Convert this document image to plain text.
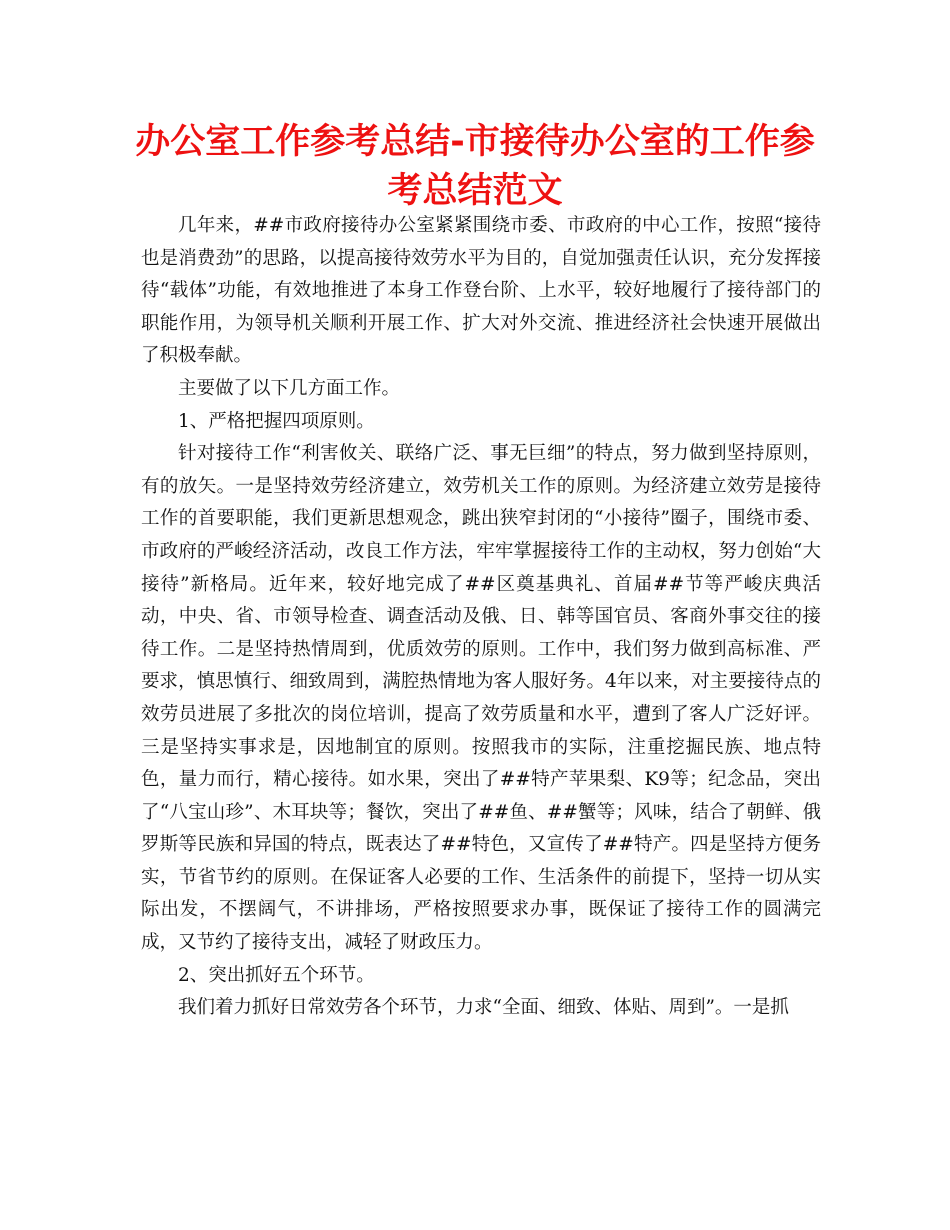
办公室工作参考总结-市接待办公室的工作参考总结范文

几年来，##市政府接待办公室紧紧围绕市委、市政府的中心工作，按照“接待也是消费劲”的思路，以提高接待效劳水平为目的，自觉加强责任认识，充分发挥接待“载体”功能，有效地推进了本身工作登台阶、上水平，较好地履行了接待部门的职能作用，为领导机关顺利开展工作、扩大对外交流、推进经济社会快速开展做出了积极奉献。

主要做了以下几方面工作。

1、严格把握四项原则。

针对接待工作“利害攸关、联络广泛、事无巨细”的特点，努力做到坚持原则，有的放矢。一是坚持效劳经济建立，效劳机关工作的原则。为经济建立效劳是接待工作的首要职能，我们更新思想观念，跳出狭窄封闭的“小接待”圈子，围绕市委、市政府的严峻经济活动，改良工作方法，牢牢掌握接待工作的主动权，努力创始“大接待”新格局。近年来，较好地完成了##区奠基典礼、首届##节等严峻庆典活动，中央、省、市领导检查、调查活动及俄、日、韩等国官员、客商外事交往的接待工作。二是坚持热情周到，优质效劳的原则。工作中，我们努力做到高标准、严要求，慎思慎行、细致周到，满腔热情地为客人服好务。4年以来，对主要接待点的效劳员进展了多批次的岗位培训，提高了效劳质量和水平，遭到了客人广泛好评。三是坚持实事求是，因地制宜的原则。按照我市的实际，注重挖掘民族、地点特色，量力而行，精心接待。如水果，突出了##特产苹果梨、K9等；纪念品，突出了“八宝山珍”、木耳块等；餐饮，突出了##鱼、##蟹等；风味，结合了朝鲜、俄罗斯等民族和异国的特点，既表达了##特色，又宣传了##特产。四是坚持方便务实，节省节约的原则。在保证客人必要的工作、生活条件的前提下，坚持一切从实际出发，不摆阔气，不讲排场，严格按照要求办事，既保证了接待工作的圆满完成，又节约了接待支出，减轻了财政压力。

2、突出抓好五个环节。

我们着力抓好日常效劳各个环节，力求“全面、细致、体贴、周到”。一是抓
